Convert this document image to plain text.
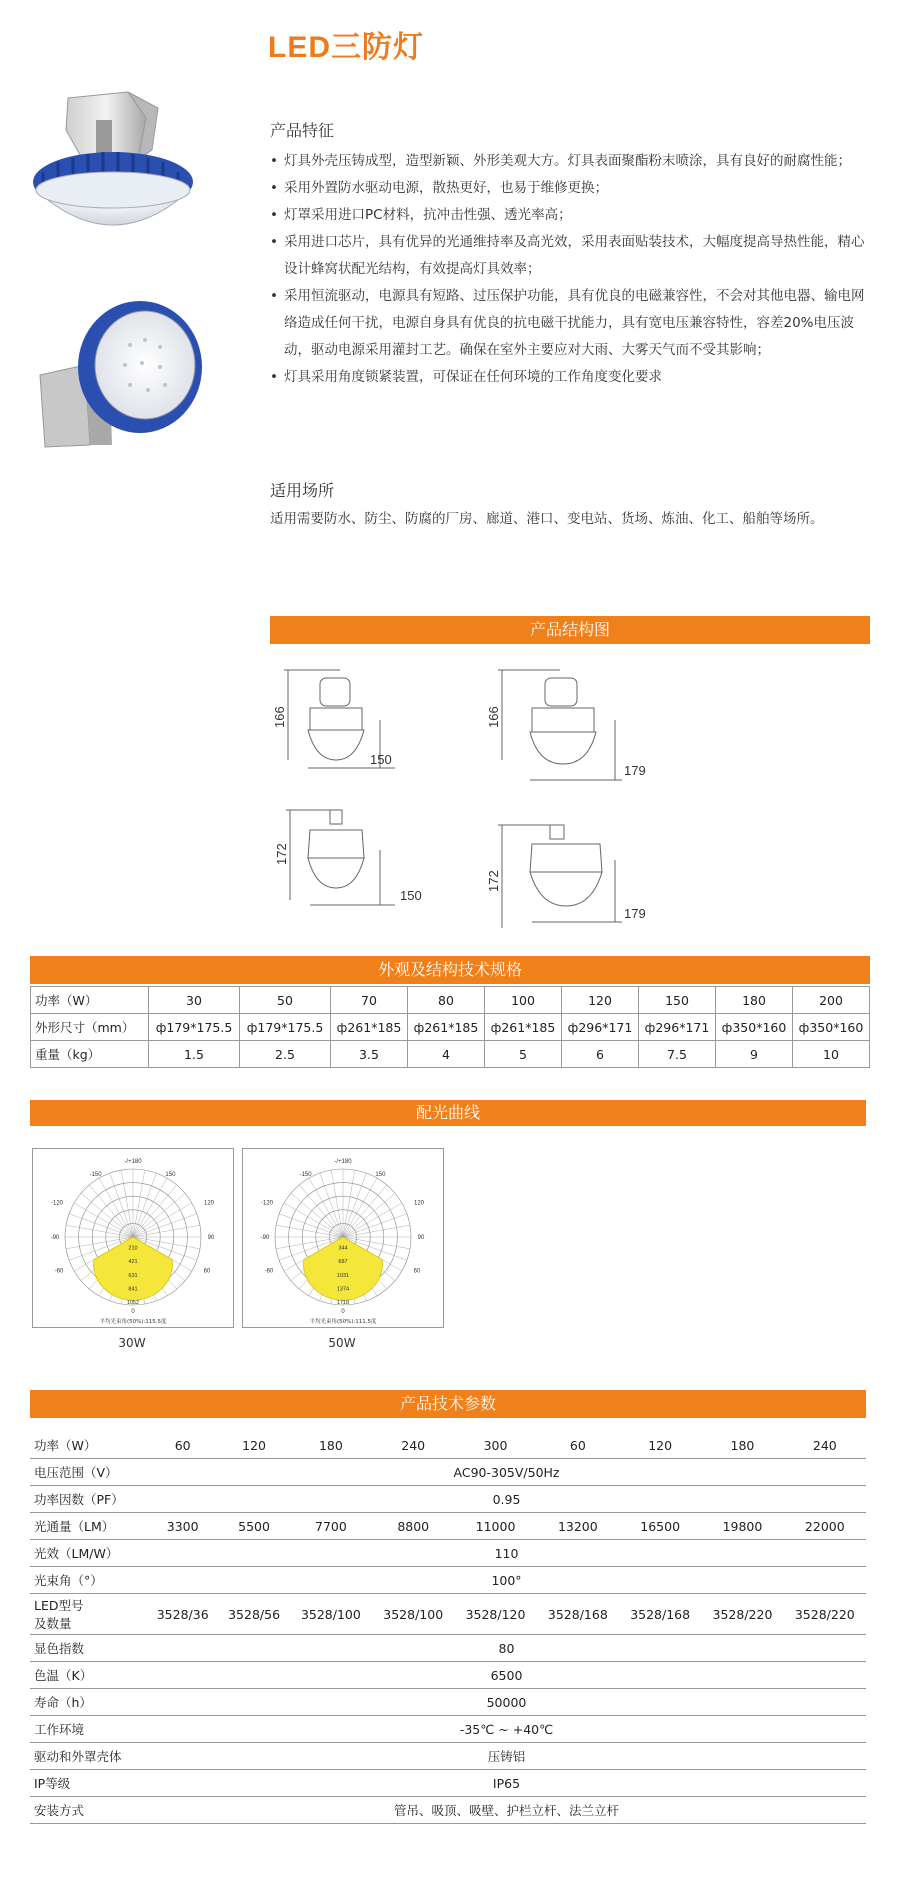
LED三防灯
产品特征
• 灯具外壳压铸成型，造型新颖、外形美观大方。灯具表面聚酯粉末喷涂，具有良好的耐腐性能；
• 采用外置防水驱动电源，散热更好，也易于维修更换；
• 灯罩采用进口PC材料，抗冲击性强、透光率高；
• 采用进口芯片，具有优异的光通维持率及高光效，采用表面贴装技术，大幅度提高导热性能，精心设计蜂窝状配光结构，有效提高灯具效率；
• 采用恒流驱动，电源具有短路、过压保护功能，具有优良的电磁兼容性，不会对其他电器、输电网络造成任何干扰，电源自身具有优良的抗电磁干扰能力，具有宽电压兼容特性，容差20%电压波动，驱动电源采用灌封工艺。确保在室外主要应对大雨、大雾天气而不受其影响；
• 灯具采用角度锁紧装置，可保证在任何环境的工作角度变化要求
适用场所
适用需要防水、防尘、防腐的厂房、廊道、港口、变电站、货场、炼油、化工、船舶等场所。
产品结构图
166
150
166
179
172
150
172
179
外观及结构技术规格
功率（W）	30	50	70	80	100	120	150	180	200
外形尺寸（mm）	ф179*175.5	ф179*175.5	ф261*185	ф261*185	ф261*185	ф296*171	ф296*171	ф350*160	ф350*160
重量（kg）	1.5	2.5	3.5	4	5	6	7.5	9	10
配光曲线
-/+180
-150	150
-120	120
-90	90
-60	60
0
210
421
631
841
1052
平均光束角(50%):115.5度
30W
-/+180
-150	150
-120	120
-90	90
-60	60
0
344
687
1031
1374
1718
平均光束角(50%):111.5度
50W
产品技术参数
功率（W）	60	120	180	240	300	60	120	180	240
电压范围（V）	AC90-305V/50Hz								
功率因数（PF）	0.95								
光通量（LM）	3300	5500	7700	8800	11000	13200	16500	19800	22000
光效（LM/W）	110								
光束角（°）	100°								

LED型号
及数量	3528/36	3528/56	3528/100	3528/100	3528/120	3528/168	3528/168	3528/220	3528/220
显色指数	80								
色温（K）	6500								
寿命（h）	50000								
工作环境	-35℃ ~ +40℃								
驱动和外罩壳体	压铸铝								
IP等级	IP65								
安装方式	管吊、吸顶、吸壁、护栏立杆、法兰立杆								
